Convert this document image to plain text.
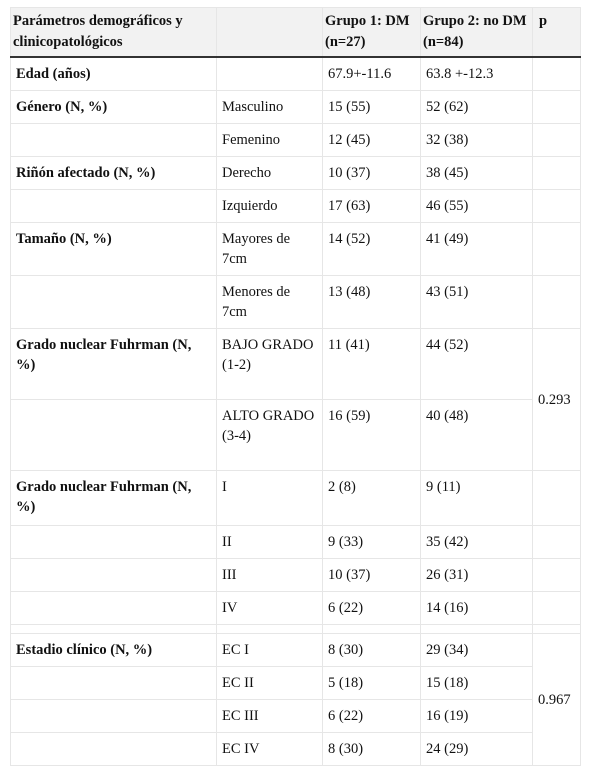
Parámetros demográficos y clinicopatológicos		Grupo 1: DM (n=27)	Grupo 2: no DM (n=84)	p
Edad (años)		67.9+-11.6	63.8 +-12.3	
Género (N, %)	Masculino	15 (55)	52 (62)	
	Femenino	12 (45)	32 (38)	
Riñón afectado (N, %)	Derecho	10 (37)	38 (45)	
	Izquierdo	17 (63)	46 (55)	
Tamaño (N, %)	Mayores de 7cm	14 (52)	41 (49)	
	Menores de 7cm	13 (48)	43 (51)	
Grado nuclear Fuhrman (N, %)	BAJO GRADO (1-2)	11 (41)	44 (52)	0.293
	ALTO GRADO (3-4)	16 (59)	40 (48)	
Grado nuclear Fuhrman (N, %)	I	2 (8)	9 (11)	
	II	9 (33)	35 (42)	
	III	10 (37)	26 (31)	
	IV	6 (22)	14 (16)	

Estadio clínico (N, %)	EC I	8 (30)	29 (34)	0.967
	EC II	5 (18)	15 (18)	
	EC III	6 (22)	16 (19)	
	EC IV	8 (30)	24 (29)	
